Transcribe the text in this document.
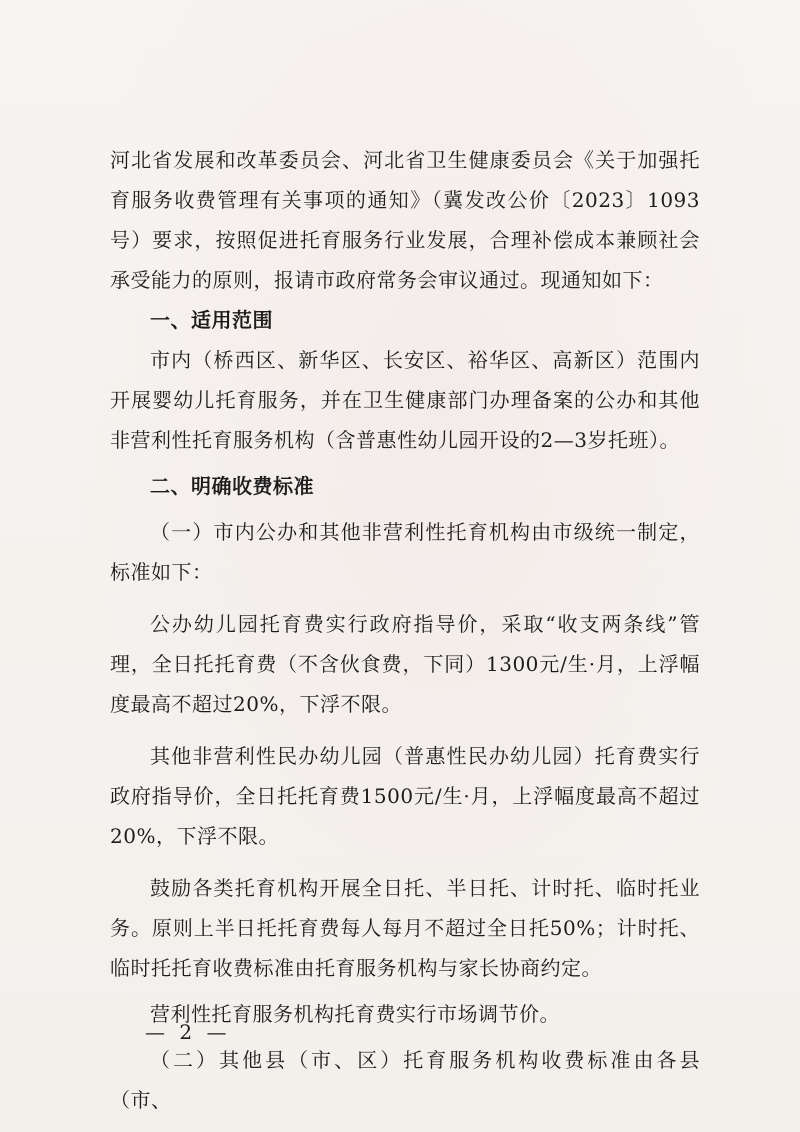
河北省发展和改革委员会、河北省卫生健康委员会《关于加强托育服务收费管理有关事项的通知》（冀发改公价〔2023〕1093号）要求，按照促进托育服务行业发展，合理补偿成本兼顾社会承受能力的原则，报请市政府常务会审议通过。现通知如下：

一、适用范围

市内（桥西区、新华区、长安区、裕华区、高新区）范围内开展婴幼儿托育服务，并在卫生健康部门办理备案的公办和其他非营利性托育服务机构（含普惠性幼儿园开设的2—3岁托班）。

二、明确收费标准

（一）市内公办和其他非营利性托育机构由市级统一制定，标准如下：

公办幼儿园托育费实行政府指导价，采取“收支两条线”管理，全日托托育费（不含伙食费，下同）1300元/生·月，上浮幅度最高不超过20%，下浮不限。

其他非营利性民办幼儿园（普惠性民办幼儿园）托育费实行政府指导价，全日托托育费1500元/生·月，上浮幅度最高不超过20%，下浮不限。

鼓励各类托育机构开展全日托、半日托、计时托、临时托业务。原则上半日托托育费每人每月不超过全日托50%；计时托、临时托托育收费标准由托育服务机构与家长协商约定。

营利性托育服务机构托育费实行市场调节价。

（二）其他县（市、区）托育服务机构收费标准由各县（市、

— 2 —
